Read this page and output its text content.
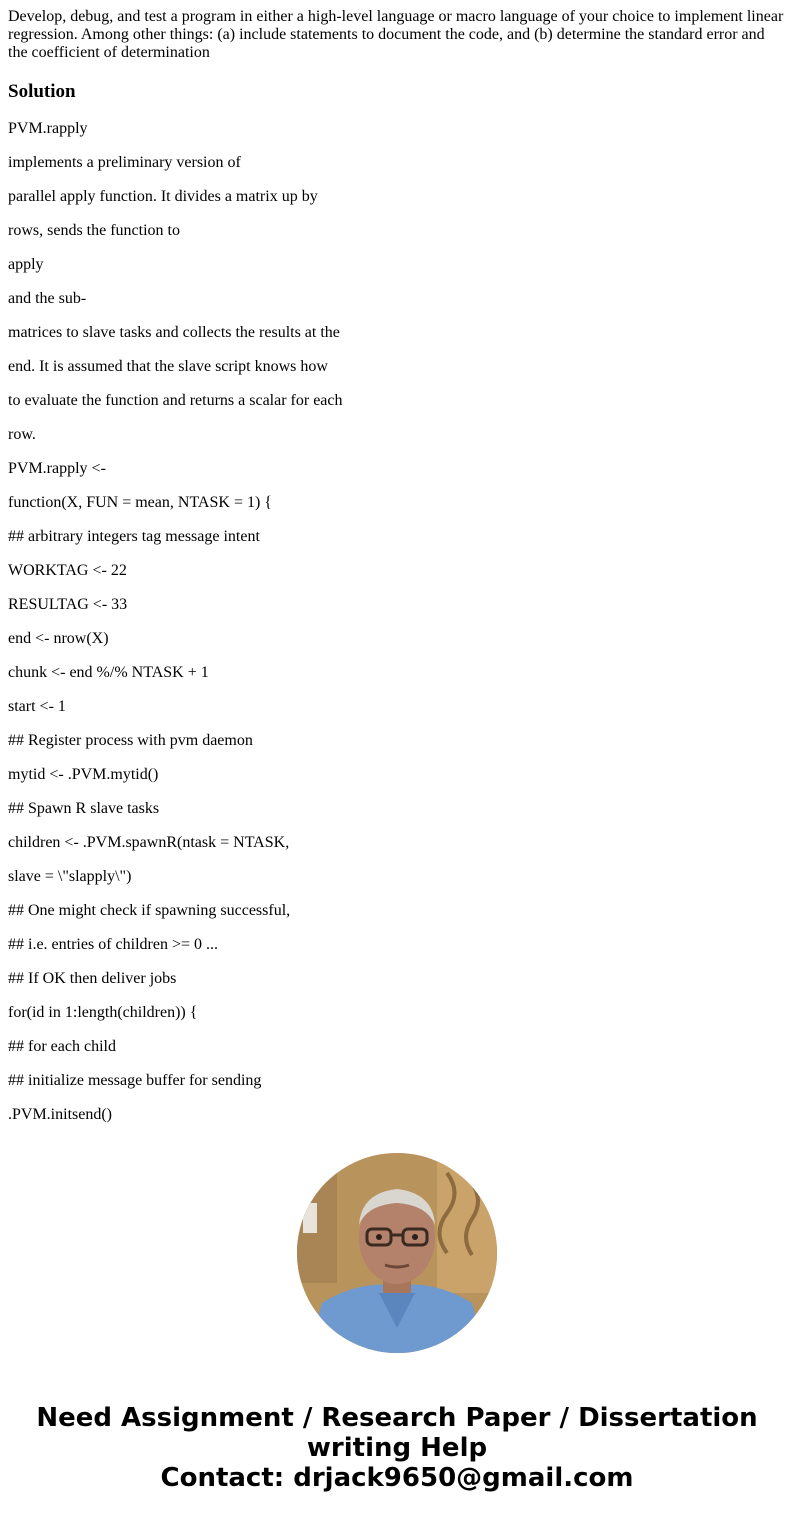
Develop, debug, and test a program in either a high-level language or macro language of your choice to implement linear regression. Among other things: (a) include statements to document the code, and (b) determine the standard error and the coefficient of determination

Solution
PVM.rapply
implements a preliminary version of
parallel apply function. It divides a matrix up by
rows, sends the function to
apply
and the sub-
matrices to slave tasks and collects the results at the
end. It is assumed that the slave script knows how
to evaluate the function and returns a scalar for each
row.
PVM.rapply <-
function(X, FUN = mean, NTASK = 1) {
## arbitrary integers tag message intent
WORKTAG <- 22
RESULTAG <- 33
end <- nrow(X)
chunk <- end %/% NTASK + 1
start <- 1
## Register process with pvm daemon
mytid <- .PVM.mytid()
## Spawn R slave tasks
children <- .PVM.spawnR(ntask = NTASK,
slave = \"slapply\")
## One might check if spawning successful,
## i.e. entries of children >= 0 ...
## If OK then deliver jobs
for(id in 1:length(children)) {
## for each child
## initialize message buffer for sending
.PVM.initsend()

Need Assignment / Research Paper / Dissertation
writing Help
Contact: drjack9650@gmail.com
